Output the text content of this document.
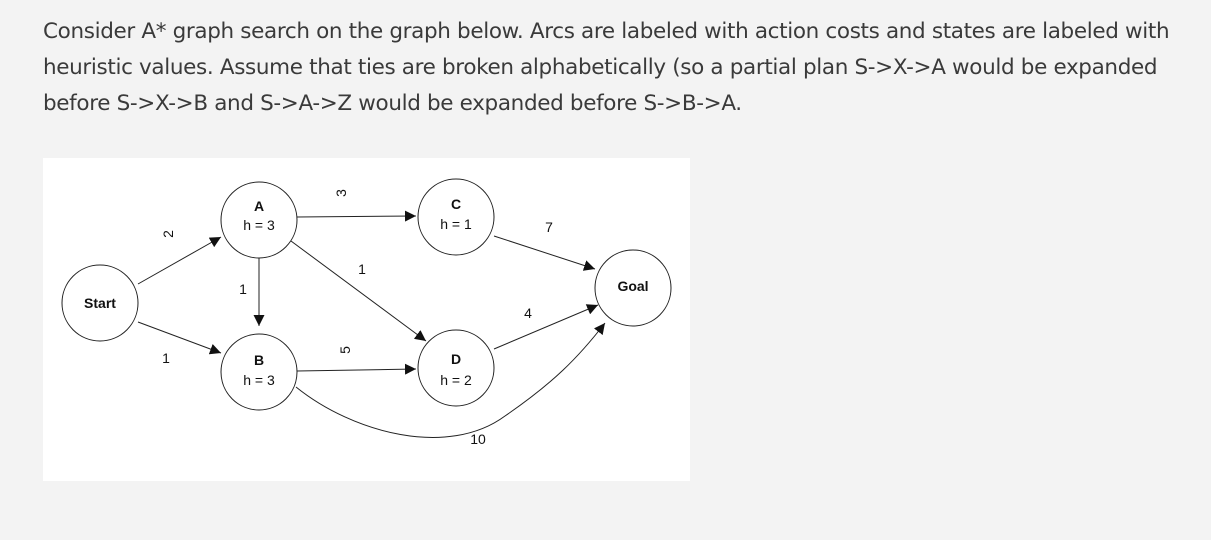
Consider A* graph search on the graph below. Arcs are labeled with action costs and states are labeled with heuristic values. Assume that ties are broken alphabetically (so a partial plan S->X->A would be expanded before S->X->B and S->A->Z would be expanded before S->B->A.

Start
A
h = 3
B
h = 3
C
h = 1
D
h = 2
Goal
2
1
1
3
1
5
7
4
10
